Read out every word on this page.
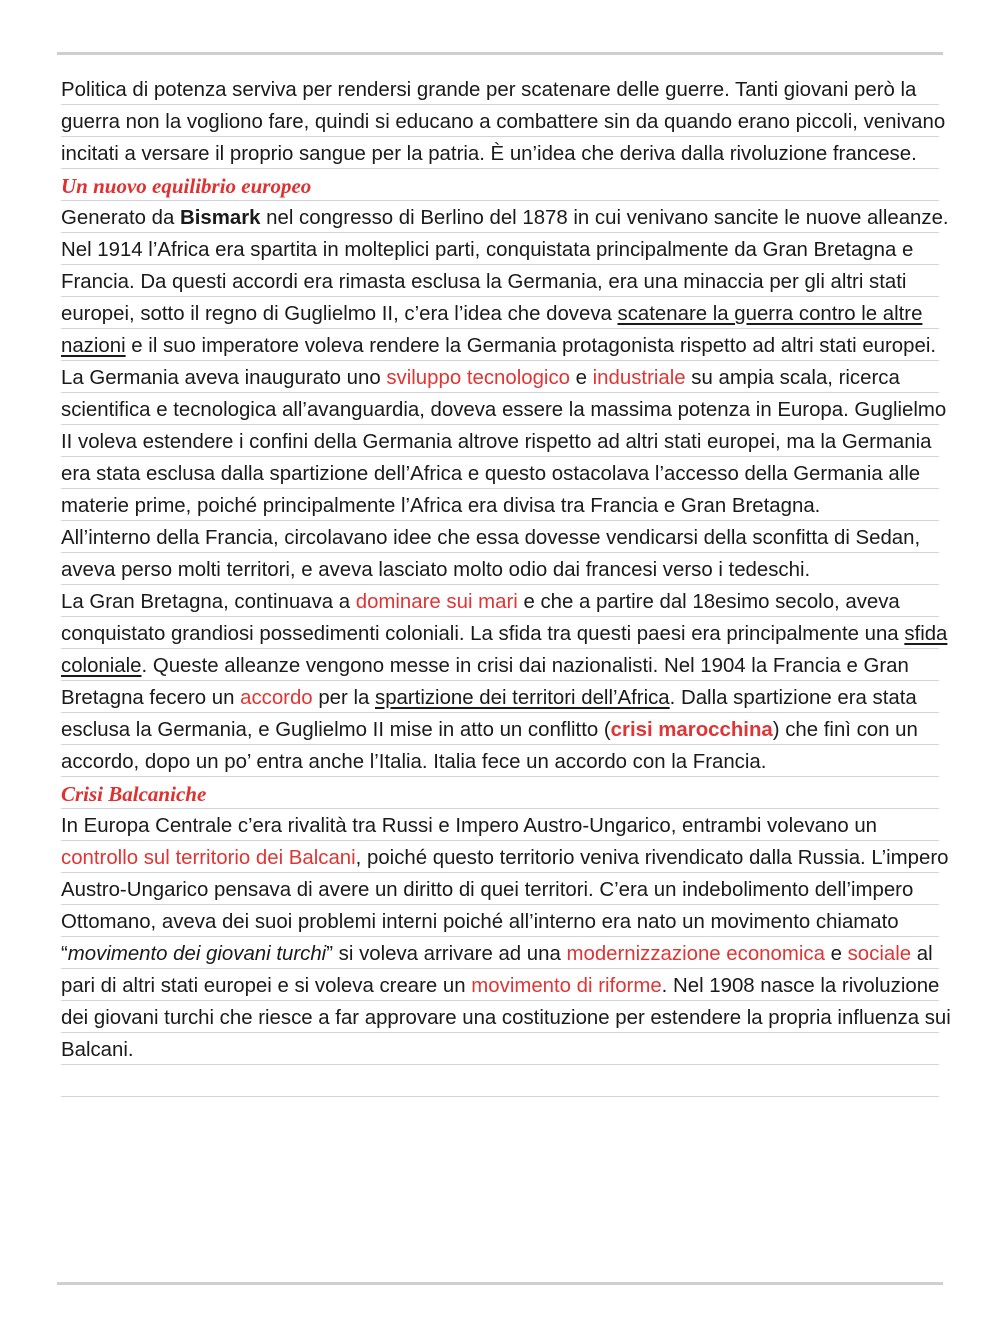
Politica di potenza serviva per rendersi grande per scatenare delle guerre. Tanti giovani però la guerra non la vogliono fare, quindi si educano a combattere sin da quando erano piccoli, venivano incitati a versare il proprio sangue per la patria. È un’idea che deriva dalla rivoluzione francese.

Un nuovo equilibrio europeo

Generato da Bismark nel congresso di Berlino del 1878 in cui venivano sancite le nuove alleanze. Nel 1914 l’Africa era spartita in molteplici parti, conquistata principalmente da Gran Bretagna e Francia. Da questi accordi era rimasta esclusa la Germania, era una minaccia per gli altri stati europei, sotto il regno di Guglielmo II, c’era l’idea che doveva scatenare la guerra contro le altre nazioni e il suo imperatore voleva rendere la Germania protagonista rispetto ad altri stati europei. La Germania aveva inaugurato uno sviluppo tecnologico e industriale su ampia scala, ricerca scientifica e tecnologica all’avanguardia, doveva essere la massima potenza in Europa. Guglielmo II voleva estendere i confini della Germania altrove rispetto ad altri stati europei, ma la Germania era stata esclusa dalla spartizione dell’Africa e questo ostacolava l’accesso della Germania alle materie prime, poiché principalmente l’Africa era divisa tra Francia e Gran Bretagna.

All’interno della Francia, circolavano idee che essa dovesse vendicarsi della sconfitta di Sedan, aveva perso molti territori, e aveva lasciato molto odio dai francesi verso i tedeschi.

La Gran Bretagna, continuava a dominare sui mari e che a partire dal 18esimo secolo, aveva conquistato grandiosi possedimenti coloniali. La sfida tra questi paesi era principalmente una sfida coloniale. Queste alleanze vengono messe in crisi dai nazionalisti. Nel 1904 la Francia e Gran Bretagna fecero un accordo per la spartizione dei territori dell’Africa. Dalla spartizione era stata esclusa la Germania, e Guglielmo II mise in atto un conflitto (crisi marocchina) che finì con un accordo, dopo un po’ entra anche l’Italia. Italia fece un accordo con la Francia.

Crisi Balcaniche

In Europa Centrale c’era rivalità tra Russi e Impero Austro-Ungarico, entrambi volevano un controllo sul territorio dei Balcani, poiché questo territorio veniva rivendicato dalla Russia. L’impero Austro-Ungarico pensava di avere un diritto di quei territori. C’era un indebolimento dell’impero Ottomano, aveva dei suoi problemi interni poiché all’interno era nato un movimento chiamato “movimento dei giovani turchi” si voleva arrivare ad una modernizzazione economica e sociale al pari di altri stati europei e si voleva creare un movimento di riforme. Nel 1908 nasce la rivoluzione dei giovani turchi che riesce a far approvare una costituzione per estendere la propria influenza sui Balcani.
